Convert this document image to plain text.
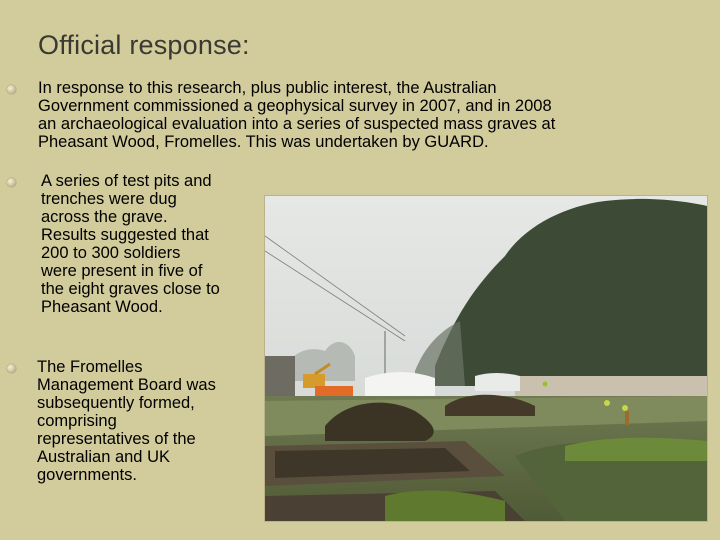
Official response:
In response to this research, plus public interest, the Australian
Government commissioned a geophysical survey in 2007, and in 2008
an archaeological evaluation into a series of suspected mass graves at
Pheasant Wood, Fromelles. This was undertaken by GUARD.
A series of test pits and
trenches were dug
across the grave.
Results suggested that
200 to 300 soldiers
were present in five of
the eight graves close to
Pheasant Wood.
The Fromelles
Management Board was
subsequently formed,
comprising
representatives of the
Australian and UK
governments.
